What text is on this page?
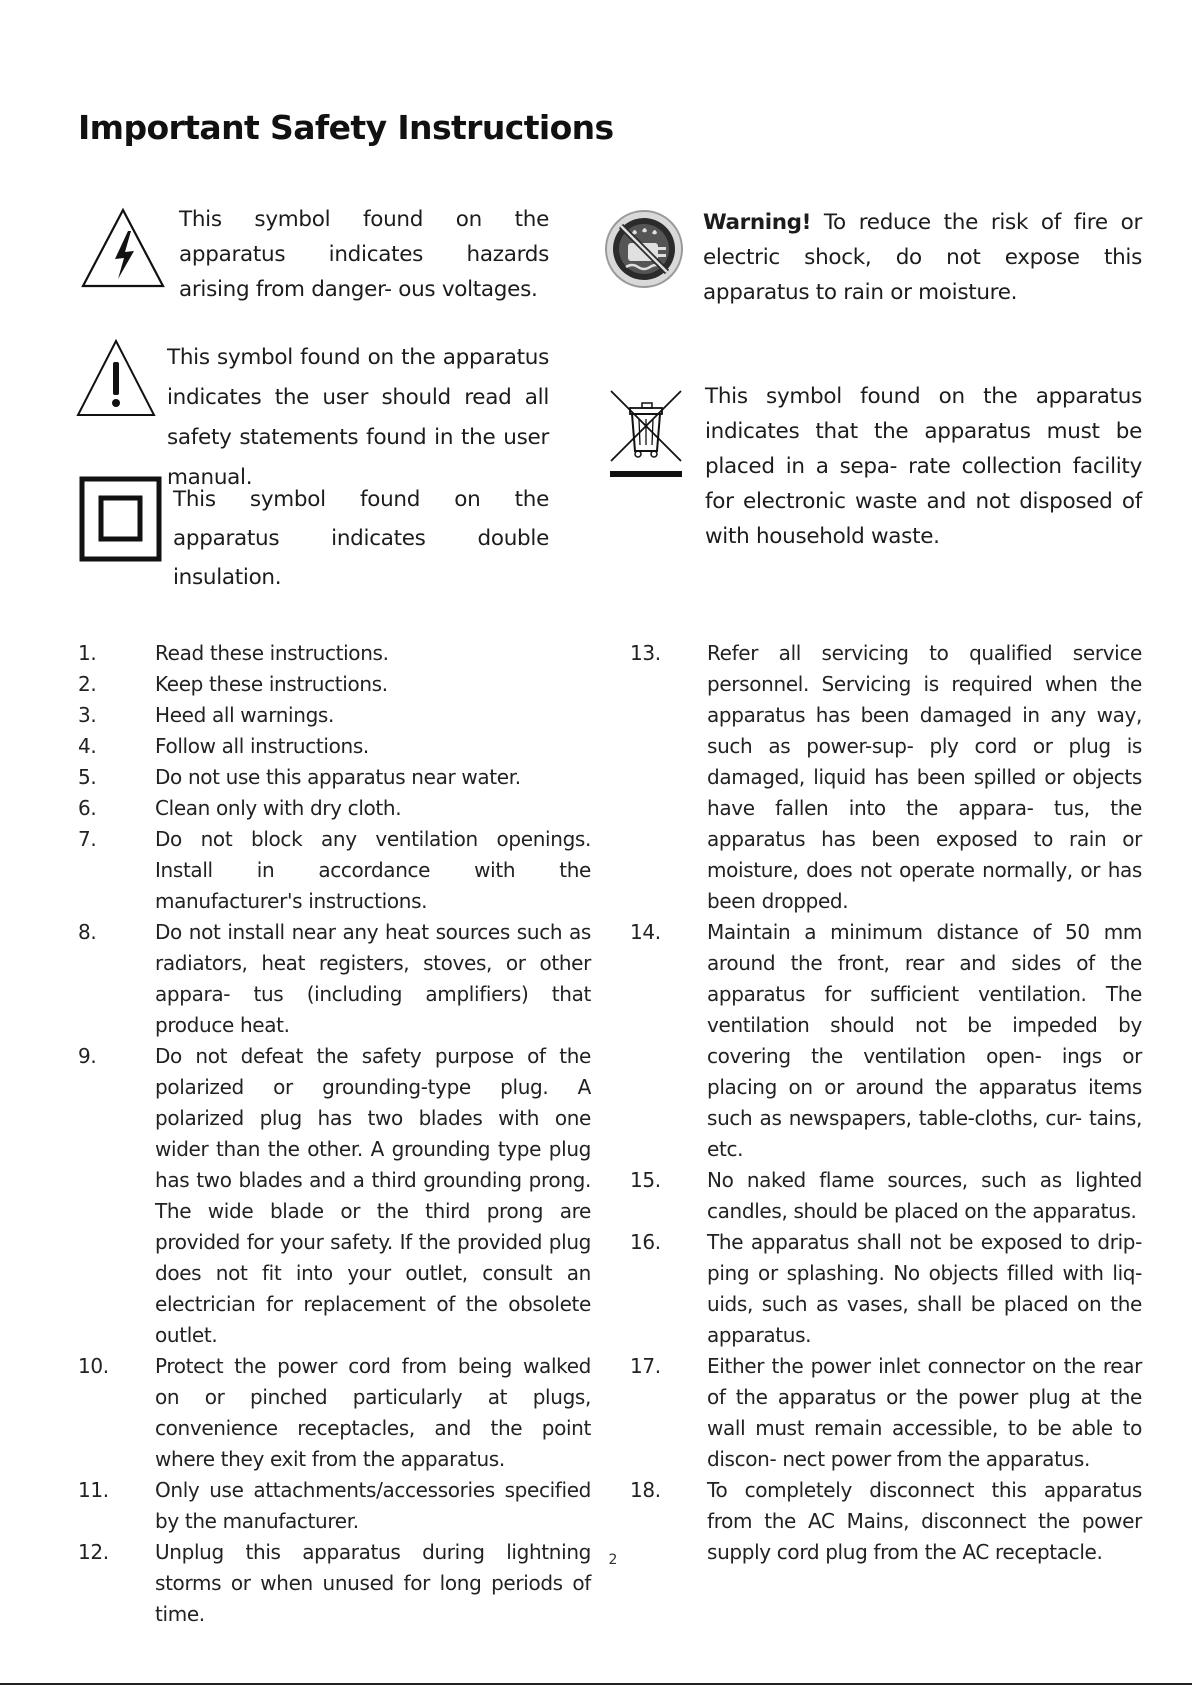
Important Safety Instructions
This symbol found on the apparatus indicates hazards arising from danger- ous voltages.
This symbol found on the apparatus indicates the user should read all safety statements found in the user manual.
This symbol found on the apparatus indicates double insulation.
Warning! To reduce the risk of fire or electric shock, do not expose this apparatus to rain or moisture.
This symbol found on the apparatus indicates that the apparatus must be placed in a sepa- rate collection facility for electronic waste and not disposed of with household waste.
1.	Read these instructions.
2.	Keep these instructions.
3.	Heed all warnings.
4.	Follow all instructions.
5.	Do not use this apparatus near water.
6.	Clean only with dry cloth.
7.	Do not block any ventilation openings. Install in accordance with the manufacturer's instructions.
8.	Do not install near any heat sources such as radiators, heat registers, stoves, or other appara- tus (including amplifiers) that produce heat.
9.	Do not defeat the safety purpose of the polarized or grounding-type plug. A polarized plug has two blades with one wider than the other. A grounding type plug has two blades and a third grounding prong. The wide blade or the third prong are provided for your safety. If the provided plug does not fit into your outlet, consult an electrician for replacement of the obsolete outlet.
10.	Protect the power cord from being walked on or pinched particularly at plugs, convenience receptacles, and the point where they exit from the apparatus.
11.	Only use attachments/accessories specified by the manufacturer.
12.	Unplug this apparatus during lightning storms or when unused for long periods of time.
13.	Refer all servicing to qualified service personnel. Servicing is required when the apparatus has been damaged in any way, such as power-sup- ply cord or plug is damaged, liquid has been spilled or objects have fallen into the appara- tus, the apparatus has been exposed to rain or moisture, does not operate normally, or has been dropped.
14.	Maintain a minimum distance of 50 mm around the front, rear and sides of the apparatus for sufficient ventilation. The ventilation should not be impeded by covering the ventilation open- ings or placing on or around the apparatus items such as newspapers, table-cloths, cur- tains, etc.
15.	No naked flame sources, such as lighted candles, should be placed on the apparatus.
16.	The apparatus shall not be exposed to drip- ping or splashing. No objects filled with liq- uids, such as vases, shall be placed on the apparatus.
17.	Either the power inlet connector on the rear of the apparatus or the power plug at the wall must remain accessible, to be able to discon- nect power from the apparatus.
18.	To completely disconnect this apparatus from the AC Mains, disconnect the power supply cord plug from the AC receptacle.
2
